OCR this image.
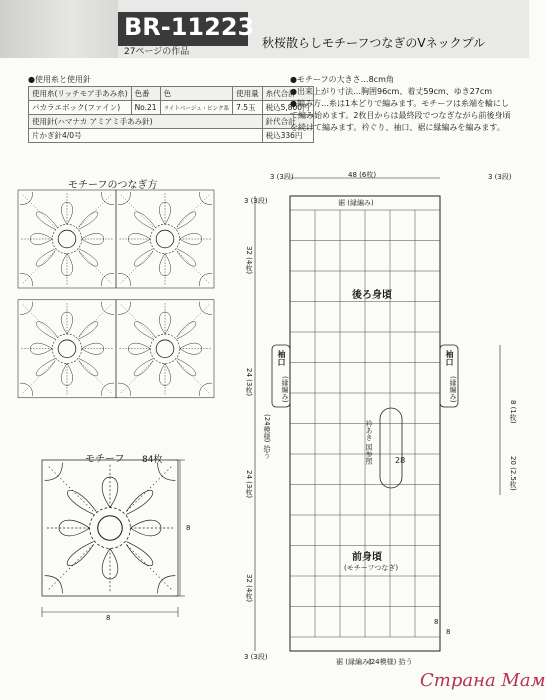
BR-11223
27ページの作品
秋桜散らしモチーフつなぎのVネックプル
●使用糸と使用針
使用糸(リッチモア手あみ糸)	色番	色	使用量	糸代合計
パカラエボック(ファイン)	No.21	ライトベージュ・ピンク系	7.5玉	税込5,800円
使用針(ハマナカ アミアミ手あみ針)				針代合計
片かぎ針4/0号				税込336円
●モチーフの大きさ…8cm角
●出来上がり寸法…胸囲96cm、着丈59cm、ゆき27cm
●編み方…糸は1本どりで編みます。モチーフは糸端を輪にして編み始めます。2枚目からは最終段でつなぎながら前後身頃を続けて編みます。衿ぐり、袖口、裾に縁編みを編みます。
モチーフのつなぎ方
モチーフ 84枚
8
8
48 (6枚)
3 (3段)	3 (3段)
裾 (縁編み)
後ろ身頃
前身頃
(モチーフつなぎ)
裾 (縁編み)
(24模様) 拾う
袖口
(縁編み)
袖口
(縁編み)
衿あき 図参照	28
8
8
3 (3段)
32 (4枚)
24 (3枚)
(24模様) 拾う
24 (3枚)
32 (4枚)
3 (3段)
8 (1枚)
20 (2.5枚)
Страна Мам
